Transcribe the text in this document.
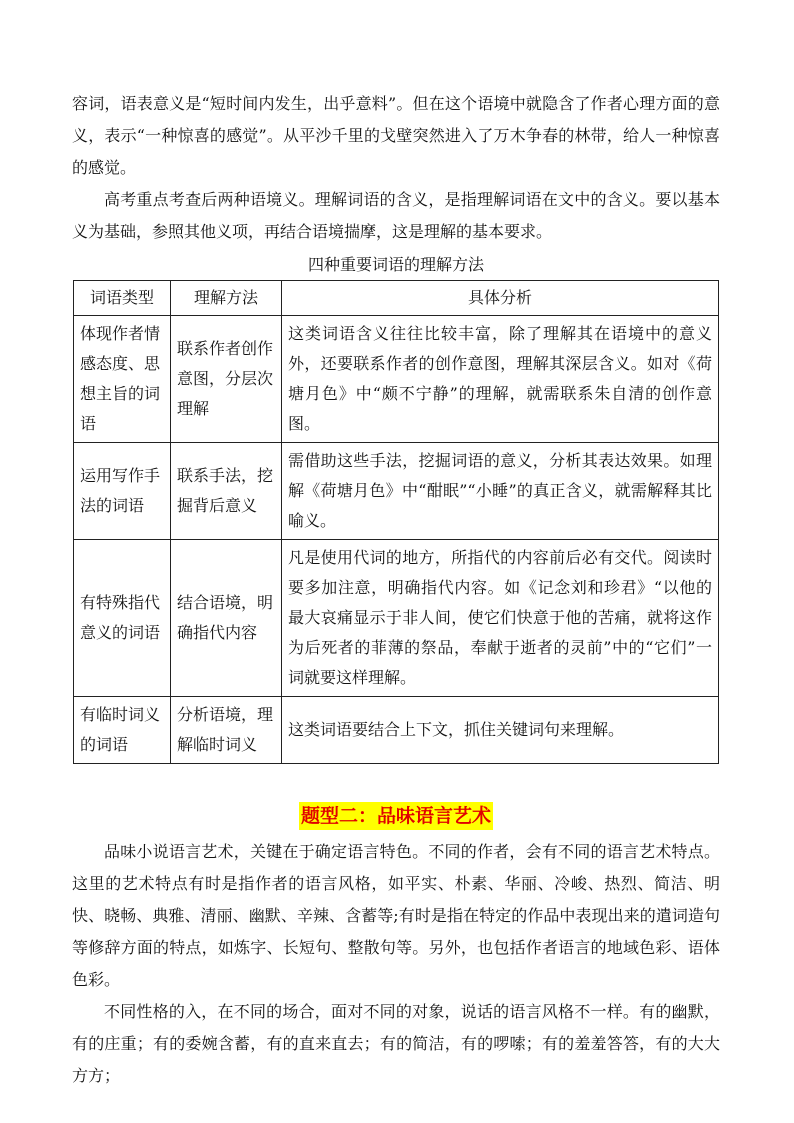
容词，语表意义是“短时间内发生，出乎意料”。但在这个语境中就隐含了作者心理方面的意义，表示“一种惊喜的感觉”。从平沙千里的戈壁突然进入了万木争春的林带，给人一种惊喜的感觉。

高考重点考查后两种语境义。理解词语的含义，是指理解词语在文中的含义。要以基本义为基础，参照其他义项，再结合语境揣摩，这是理解的基本要求。

四种重要词语的理解方法
词语类型	理解方法	具体分析
体现作者情感态度、思想主旨的词语	联系作者创作意图，分层次理解	这类词语含义往往比较丰富，除了理解其在语境中的意义外，还要联系作者的创作意图，理解其深层含义。如对《荷塘月色》中“颇不宁静”的理解，就需联系朱自清的创作意图。
运用写作手法的词语	联系手法，挖掘背后意义	需借助这些手法，挖掘词语的意义，分析其表达效果。如理解《荷塘月色》中“酣眠”“小睡”的真正含义，就需解释其比喻义。
有特殊指代意义的词语	结合语境，明确指代内容	凡是使用代词的地方，所指代的内容前后必有交代。阅读时要多加注意，明确指代内容。如《记念刘和珍君》“以他的最大哀痛显示于非人间，使它们快意于他的苦痛，就将这作为后死者的菲薄的祭品，奉献于逝者的灵前”中的“它们”一词就要这样理解。
有临时词义的词语	分析语境，理解临时词义	这类词语要结合上下文，抓住关键词句来理解。
题型二：品味语言艺术

品味小说语言艺术，关键在于确定语言特色。不同的作者，会有不同的语言艺术特点。这里的艺术特点有时是指作者的语言风格，如平实、朴素、华丽、冷峻、热烈、简洁、明快、晓畅、典雅、清丽、幽默、辛辣、含蓄等;有时是指在特定的作品中表现出来的遣词造句等修辞方面的特点，如炼字、长短句、整散句等。另外，也包括作者语言的地域色彩、语体色彩。

不同性格的入，在不同的场合，面对不同的对象，说话的语言风格不一样。有的幽默，有的庄重；有的委婉含蓄，有的直来直去；有的简洁，有的啰嗦；有的羞羞答答，有的大大方方；
